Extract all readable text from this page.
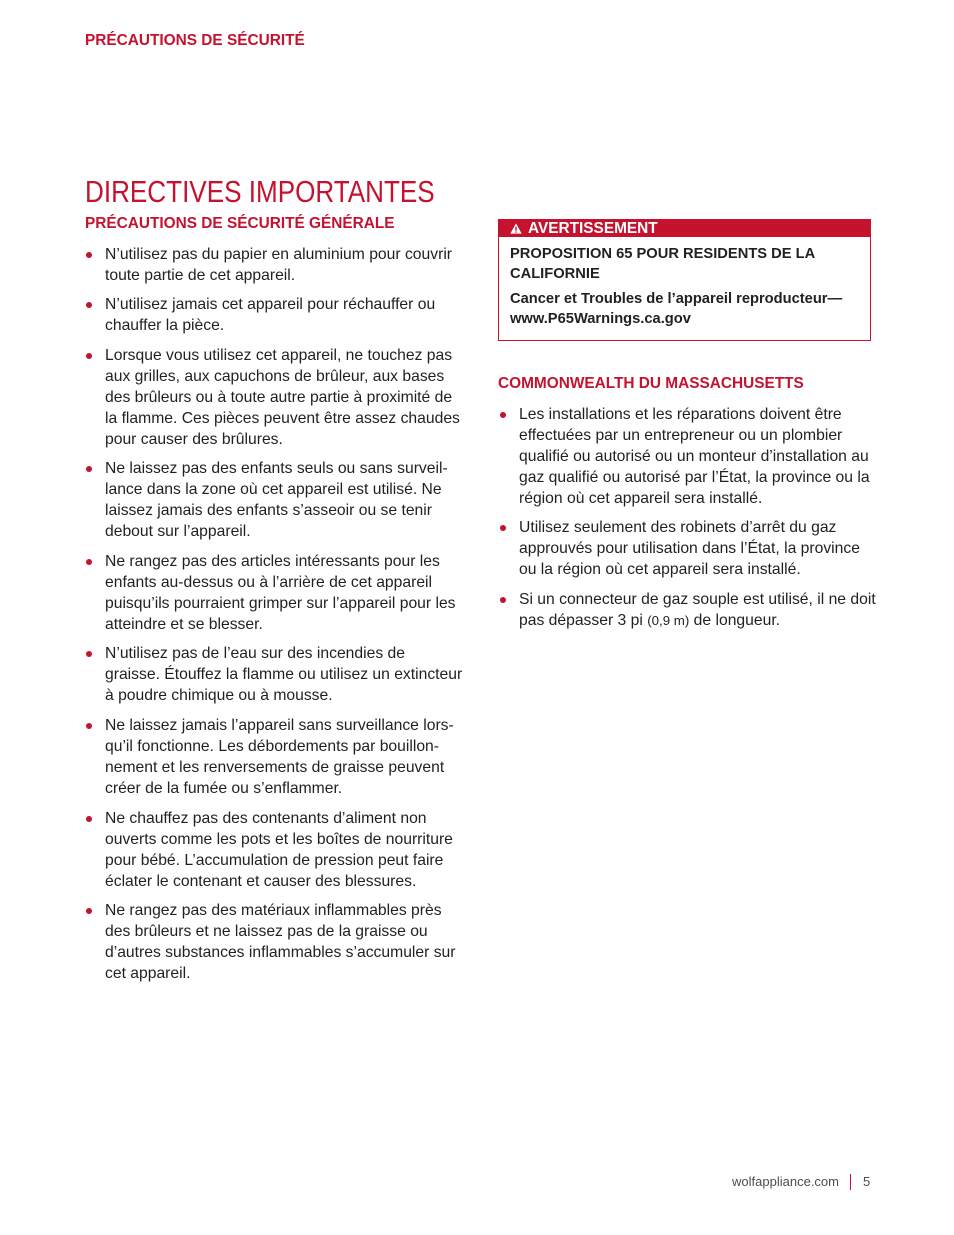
PRÉCAUTIONS DE SÉCURITÉ
DIRECTIVES IMPORTANTES
PRÉCAUTIONS DE SÉCURITÉ GÉNÉRALE
N’utilisez pas du papier en aluminium pour couvrir
toute partie de cet appareil.
N’utilisez jamais cet appareil pour réchauffer ou
chauffer la pièce.
Lorsque vous utilisez cet appareil, ne touchez pas
aux grilles, aux capuchons de brûleur, aux bases
des brûleurs ou à toute autre partie à proximité de
la flamme. Ces pièces peuvent être assez chaudes
pour causer des brûlures.
Ne laissez pas des enfants seuls ou sans surveil-
lance dans la zone où cet appareil est utilisé. Ne
laissez jamais des enfants s’asseoir ou se tenir
debout sur l’appareil.
Ne rangez pas des articles intéressants pour les
enfants au-dessus ou à l’arrière de cet appareil
puisqu’ils pourraient grimper sur l’appareil pour les
atteindre et se blesser.
N’utilisez pas de l’eau sur des incendies de
graisse. Étouffez la flamme ou utilisez un extincteur
à poudre chimique ou à mousse.
Ne laissez jamais l’appareil sans surveillance lors-
qu’il fonctionne. Les débordements par bouillon-
nement et les renversements de graisse peuvent
créer de la fumée ou s’enflammer.
Ne chauffez pas des contenants d’aliment non
ouverts comme les pots et les boîtes de nourriture
pour bébé. L’accumulation de pression peut faire
éclater le contenant et causer des blessures.
Ne rangez pas des matériaux inflammables près
des brûleurs et ne laissez pas de la graisse ou
d’autres substances inflammables s’accumuler sur
cet appareil.
AVERTISSEMENT
PROPOSITION 65 POUR RESIDENTS DE LA
CALIFORNIE
Cancer et Troubles de l’appareil reproducteur—
www.P65Warnings.ca.gov
COMMONWEALTH DU MASSACHUSETTS
Les installations et les réparations doivent être
effectuées par un entrepreneur ou un plombier
qualifié ou autorisé ou un monteur d’installation au
gaz qualifié ou autorisé par l’État, la province ou la
région où cet appareil sera installé.
Utilisez seulement des robinets d’arrêt du gaz
approuvés pour utilisation dans l’État, la province
ou la région où cet appareil sera installé.
Si un connecteur de gaz souple est utilisé, il ne doit
pas dépasser 3 pi (0,9 m) de longueur.
wolfappliance.com 5
